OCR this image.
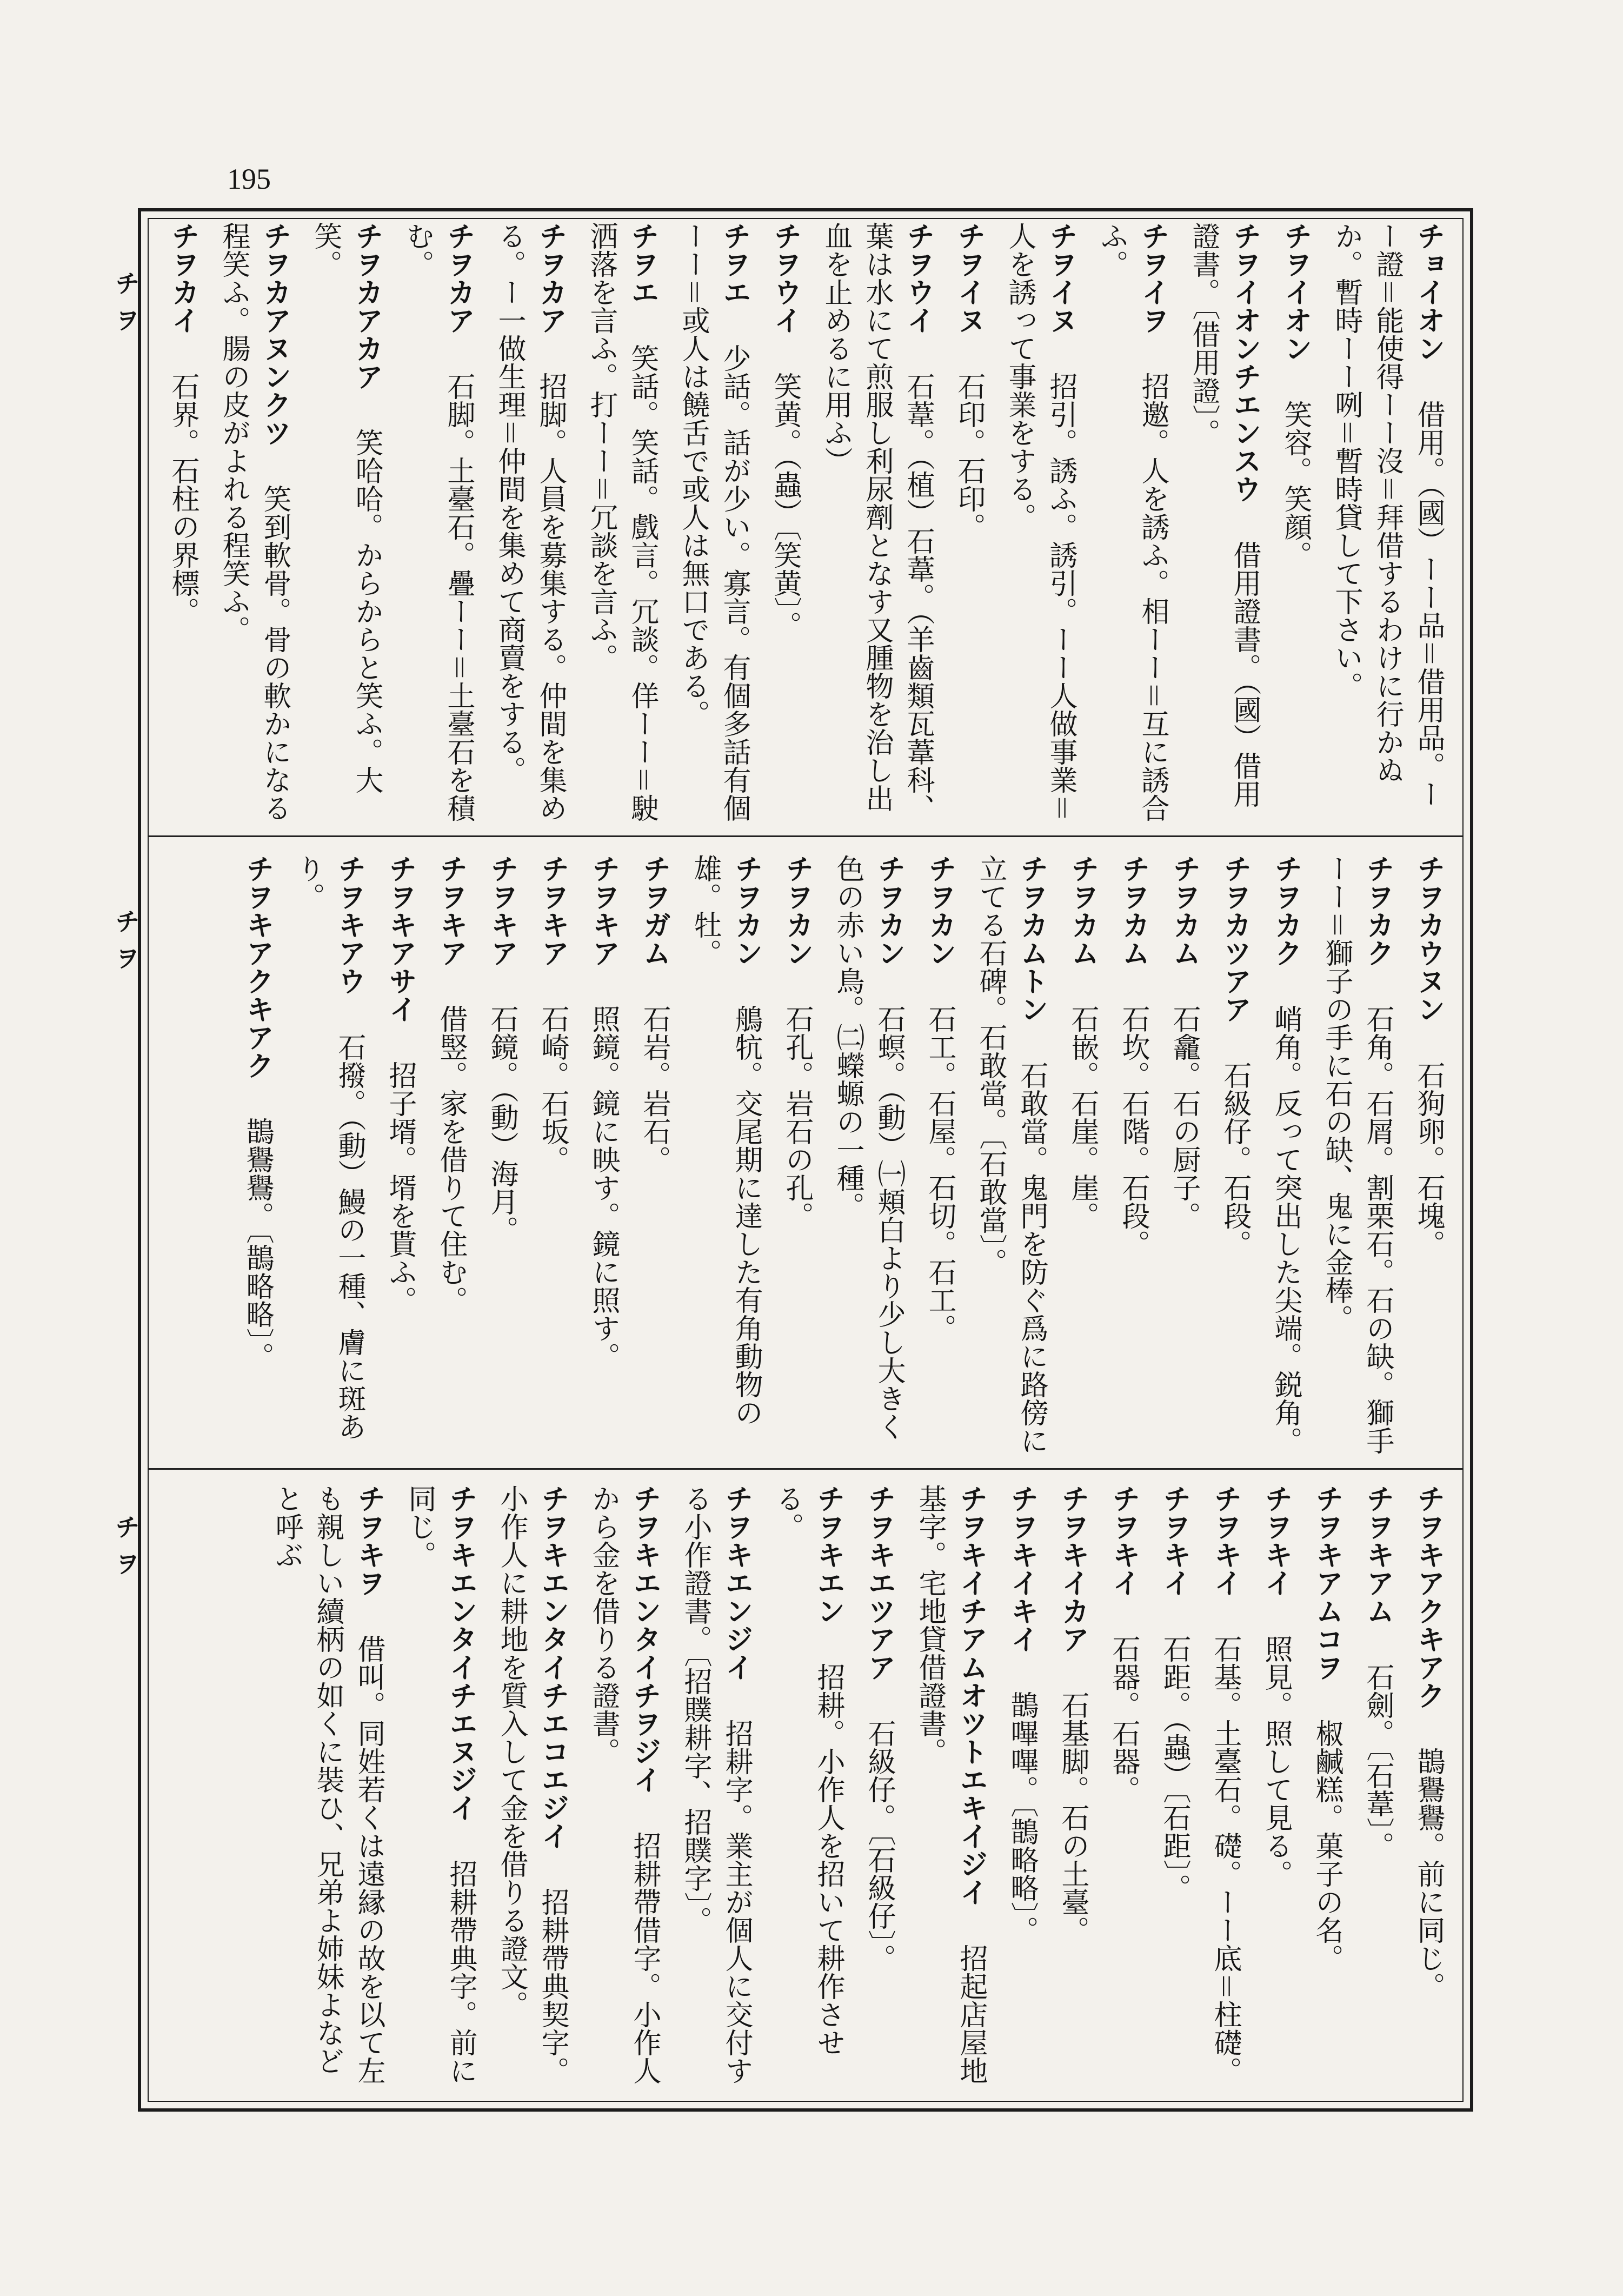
195
チヲ
チヲ
チヲ
チョイオン　借用。（國）ーー品＝借用品。ーー證＝能使得ーー沒＝拜借するわけに行かぬか。暫時ーー咧＝暫時貸して下さい。
チヲイオン　笑容。笑顔。
チヲイオンチエンスウ　借用證書。（國）借用證書。〔借用證〕。
チヲイヲ　招邀。人を誘ふ。相ーー＝互に誘合ふ。
チヲイヌ　招引。誘ふ。誘引。ーー人做事業＝人を誘って事業をする。
チヲイヌ　石印。石印。
チヲウイ　石葦。（植）石葦。（羊齒類瓦葦科、葉は水にて煎服し利尿劑となす又腫物を治し出血を止めるに用ふ）
チヲウイ　笑黄。（蟲）〔笑黄〕。
チヲエ　少話。話が少い。寡言。有個多話有個ーー＝或人は饒舌で或人は無口である。
チヲエ　笑話。笑話。戲言。冗談。佯ーー＝駛洒落を言ふ。打ーー＝冗談を言ふ。
チヲカア　招脚。人員を募集する。仲間を集める。ー一做生理＝仲間を集めて商賣をする。
チヲカア　石脚。土臺石。疊ーー＝土臺石を積む。
チヲカアカア　笑哈哈。からからと笑ふ。大笑。
チヲカアヌンクツ　笑到軟骨。骨の軟かになる程笑ふ。腸の皮がよれる程笑ふ。
チヲカイ　石界。石柱の界標。
チヲカウヌン　石狗卵。石塊。
チヲカク　石角。石屑。割栗石。石の缺。獅手ーー＝獅子の手に石の缺、鬼に金棒。
チヲカク　峭角。反って突出した尖端。鋭角。
チヲカツアア　石級仔。石段。
チヲカム　石龕。石の厨子。
チヲカム　石坎。石階。石段。
チヲカム　石嵌。石崖。崖。
チヲカムトン　石敢當。鬼門を防ぐ爲に路傍に立てる石碑。石敢當。〔石敢當〕。
チヲカン　石工。石屋。石切。石工。
チヲカン　石螟。（動）㈠頬白より少し大きく色の赤い鳥。㈡蠑螈の一種。
チヲカン　石孔。岩石の孔。
チヲカン　鵃牨。交尾期に達した有角動物の雄。牡。
チヲガム　石岩。岩石。
チヲキア　照鏡。鏡に映す。鏡に照す。
チヲキア　石崎。石坂。
チヲキア　石鏡。（動）海月。
チヲキア　借竪。家を借りて住む。
チヲキアサイ　招子壻。壻を貰ふ。
チヲキアウ　石撥。（動）鰻の一種、膚に斑あり。
チヲキアクキアク　鵲鸒鸒。〔鵲略略〕。
チヲキアクキアク　鵲鸒鸒。前に同じ。
チヲキアム　石劍。〔石葦〕。
チヲキアムコヲ　椒鹹糕。菓子の名。
チヲキイ　照見。照して見る。
チヲキイ　石基。土臺石。礎。ーー底＝柱礎。
チヲキイ　石距。（蟲）〔石距〕。
チヲキイ　石器。石器。
チヲキイカア　石基脚。石の土臺。
チヲキイキイ　鵲嗶嗶。〔鵲略略〕。
チヲキイチアムオツトエキイジイ　招起店屋地基字。宅地貸借證書。
チヲキエツアア　石級仔。〔石級仔〕。
チヲキエン　招耕。小作人を招いて耕作させる。
チヲキエンジイ　招耕字。業主が個人に交付する小作證書。〔招贌耕字、招贌字〕。
チヲキエンタイチヲジイ　招耕帶借字。小作人から金を借りる證書。
チヲキエンタイチエコエジイ　招耕帶典契字。小作人に耕地を質入して金を借りる證文。
チヲキエンタイチエヌジイ　招耕帶典字。前に同じ。
チヲキヲ　借叫。同姓若くは遠縁の故を以て左も親しい續柄の如くに裝ひ、兄弟よ姉妹よなどと呼ぶ
